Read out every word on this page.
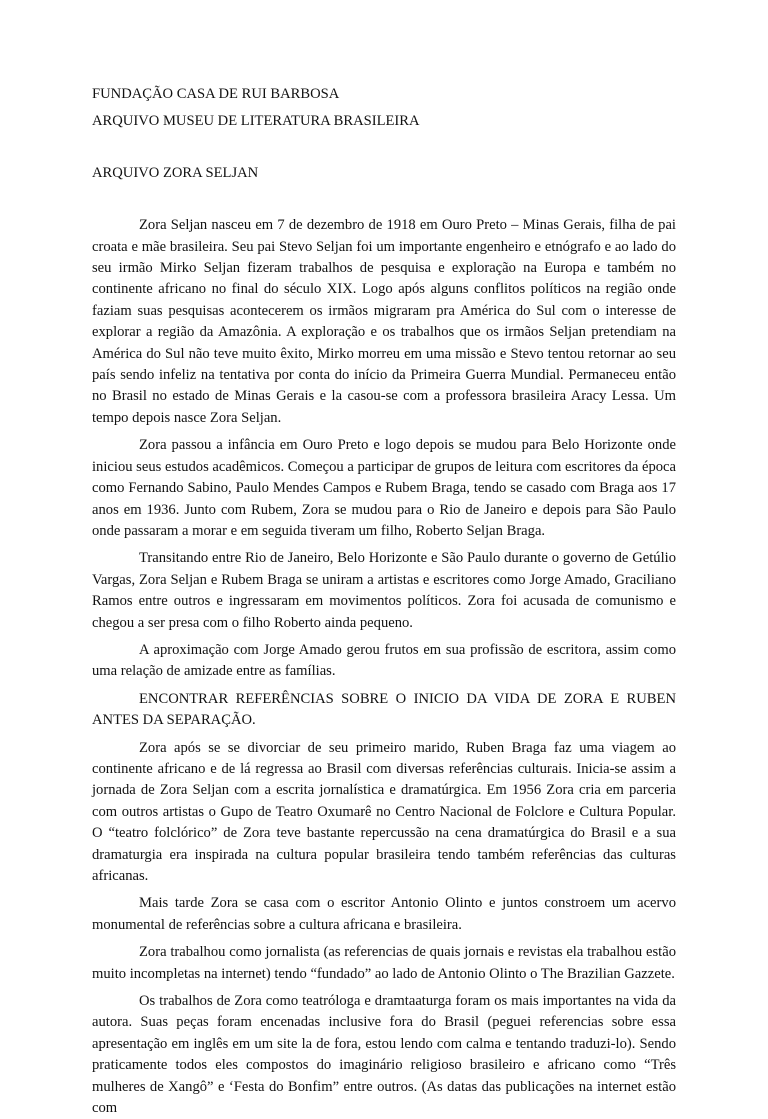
FUNDAÇÃO CASA DE RUI BARBOSA

ARQUIVO MUSEU DE LITERATURA BRASILEIRA

ARQUIVO ZORA SELJAN

Zora Seljan nasceu em 7 de dezembro de 1918 em Ouro Preto – Minas Gerais, filha de pai croata e mãe brasileira. Seu pai Stevo Seljan foi um importante engenheiro e etnógrafo e ao lado do seu irmão Mirko Seljan fizeram trabalhos de pesquisa e exploração na Europa e também no continente africano no final do século XIX. Logo após alguns conflitos políticos na região onde faziam suas pesquisas acontecerem os irmãos migraram pra América do Sul com o interesse de explorar a região da Amazônia. A exploração e os trabalhos que os irmãos Seljan pretendiam na América do Sul não teve muito êxito, Mirko morreu em uma missão e Stevo tentou retornar ao seu país sendo infeliz na tentativa por conta do início da Primeira Guerra Mundial. Permaneceu então no Brasil no estado de Minas Gerais e la casou-se com a professora brasileira Aracy Lessa. Um tempo depois nasce Zora Seljan.

Zora passou a infância em Ouro Preto e logo depois se mudou para Belo Horizonte onde iniciou seus estudos acadêmicos. Começou a participar de grupos de leitura com escritores da época como Fernando Sabino, Paulo Mendes Campos e Rubem Braga, tendo se casado com Braga aos 17 anos em 1936. Junto com Rubem, Zora se mudou para o Rio de Janeiro e depois para São Paulo onde passaram a morar e em seguida tiveram um filho, Roberto Seljan Braga.

Transitando entre Rio de Janeiro, Belo Horizonte e São Paulo durante o governo de Getúlio Vargas, Zora Seljan e Rubem Braga se uniram a artistas e escritores como Jorge Amado, Graciliano Ramos entre outros e ingressaram em movimentos políticos. Zora foi acusada de comunismo e chegou a ser presa com o filho Roberto ainda pequeno.

A aproximação com Jorge Amado gerou frutos em sua profissão de escritora, assim como uma relação de amizade entre as famílias.

ENCONTRAR REFERÊNCIAS SOBRE O INICIO DA VIDA DE ZORA E RUBEN ANTES DA SEPARAÇÃO.

Zora após se se divorciar de seu primeiro marido, Ruben Braga faz uma viagem ao continente africano e de lá regressa ao Brasil com diversas referências culturais. Inicia-se assim a jornada de Zora Seljan com a escrita jornalística e dramatúrgica. Em 1956 Zora cria em parceria com outros artistas o Gupo de Teatro Oxumarê no Centro Nacional de Folclore e Cultura Popular. O “teatro folclórico” de Zora teve bastante repercussão na cena dramatúrgica do Brasil e a sua dramaturgia era inspirada na cultura popular brasileira tendo também referências das culturas africanas.

Mais tarde Zora se casa com o escritor Antonio Olinto e juntos constroem um acervo monumental de referências sobre a cultura africana e brasileira.

Zora trabalhou como jornalista (as referencias de quais jornais e revistas ela trabalhou estão muito incompletas na internet) tendo “fundado” ao lado de Antonio Olinto o The Brazilian Gazzete.

Os trabalhos de Zora como teatróloga e dramtaaturga foram os mais importantes na vida da autora. Suas peças foram encenadas inclusive fora do Brasil (peguei referencias sobre essa apresentação em inglês em um site la de fora, estou lendo com calma e tentando traduzi-lo). Sendo praticamente todos eles compostos do imaginário religioso brasileiro e africano como “Três mulheres de Xangô” e ‘Festa do Bonfim” entre outros. (As datas das publicações na internet estão com
